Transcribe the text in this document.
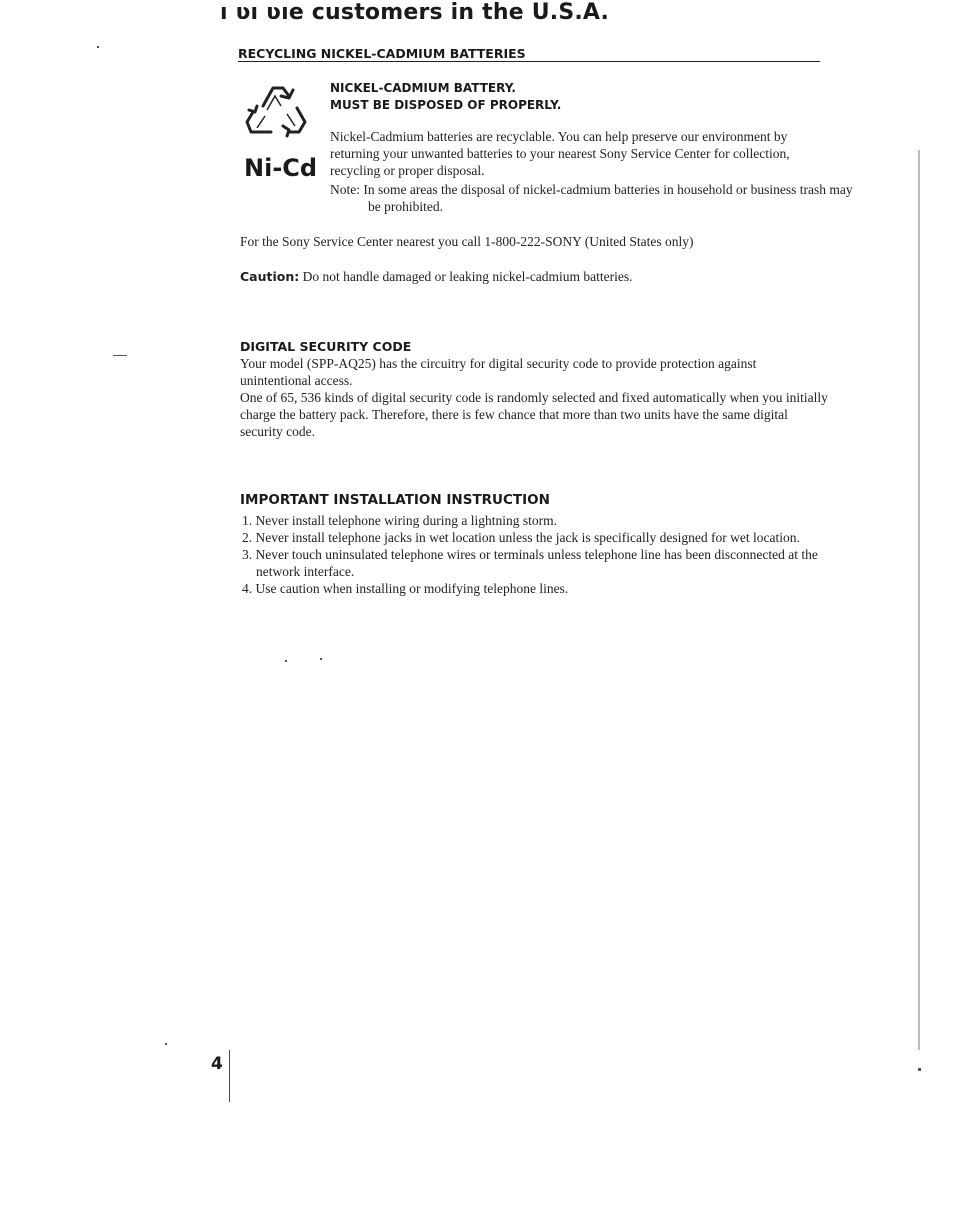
ı ʋı ʋıe customers in the U.S.A.
RECYCLING NICKEL-CADMIUM BATTERIES
Ni-Cd
NICKEL-CADMIUM BATTERY.
MUST BE DISPOSED OF PROPERLY.
Nickel-Cadmium batteries are recyclable. You can help preserve our environment by returning your unwanted batteries to your nearest Sony Service Center for collection, recycling or proper disposal.
Note: In some areas the disposal of nickel-cadmium batteries in household or business trash may be prohibited.
For the Sony Service Center nearest you call 1-800-222-SONY (United States only)
Caution: Do not handle damaged or leaking nickel-cadmium batteries.
DIGITAL SECURITY CODE
Your model (SPP-AQ25) has the circuitry for digital security code to provide protection against unintentional access.
One of 65, 536 kinds of digital security code is randomly selected and fixed automatically when you initially charge the battery pack. Therefore, there is few chance that more than two units have the same digital security code.
IMPORTANT INSTALLATION INSTRUCTION
1. Never install telephone wiring during a lightning storm.
2. Never install telephone jacks in wet location unless the jack is specifically designed for wet location.
3. Never touch uninsulated telephone wires or terminals unless telephone line has been disconnected at the network interface.
4. Use caution when installing or modifying telephone lines.
4
